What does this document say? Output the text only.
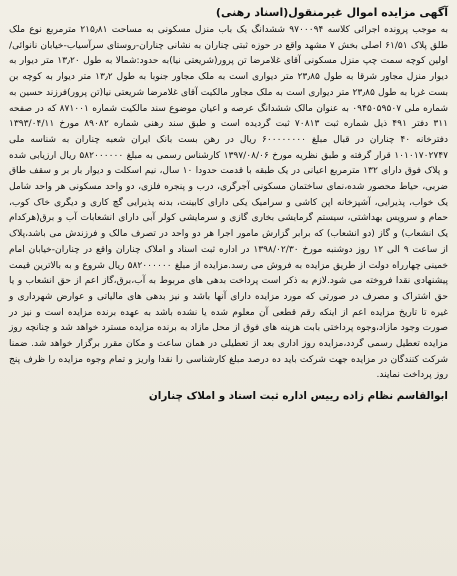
آگهی مزایده اموال غیرمنقول(اسناد رهنی)

به موجب پرونده اجرائی کلاسه ۹۷۰۰۰۹۴ ششدانگ یک باب منزل مسکونی به مساحت ۲۱۵٫۸۱ مترمربع نوع ملک طلق پلاک ۶۱/۵۱ اصلی بخش ۷ مشهد واقع در حوزه ثبتی چناران به نشانی چناران-روستای سرآسیاب-خیابان نانوائی/اولین کوچه سمت چپ منزل مسکونی آقای غلامرضا تن پرور(شریعتی نیا)به حدود:شمالا به طول ۱۳٫۲۰ متر دیوار به دیوار منزل مجاور شرقا به طول ۲۳٫۸۵ متر دیواری است به ملک مجاور جنوبا به طول ۱۳٫۲ متر دیوار به کوچه بن بست غربا به طول ۲۳٫۸۵ متر دیواری است به ملک مجاور مالکیت آقای غلامرضا شریعتی نیا(تن پرور)فرزند حسین به شماره ملی ۰۹۴۵۰۵۹۵۰۷ به عنوان مالک ششدانگ عرصه و اعیان موضوع سند مالکیت شماره ۸۷۱۰۰۱ که در صفحه ۳۱۱ دفتر ۴۹۱ ذیل شماره ثبت ۷۰۸۱۳ ثبت گردیده است و طبق سند رهنی شماره ۸۹۰۸۲ مورخ ۱۳۹۳/۰۴/۱۱ دفترخانه ۴۰ چناران در قبال مبلغ ۶۰۰۰۰۰۰۰۰ ریال در رهن بست بانک ایران شعبه چناران به شناسه ملی ۱۰۱۰۱۷۰۲۷۴۷ قرار گرفته و طبق نظریه مورخ ۱۳۹۷/۰۸/۰۶ کارشناس رسمی به مبلغ ۵۸۲۰۰۰۰۰۰ ریال ارزیابی شده و پلاک فوق دارای ۱۳۲ مترمربع اعیانی در یک طبقه با قدمت حدودا ۱۰ سال، نیم اسکلت و دیوار بار بر و سقف طاق ضربی، حیاط محصور شده،نمای ساختمان مسکونی آجرگری، درب و پنجره فلزی، دو واحد مسکونی هر واحد شامل یک خواب، پذیرایی، آشپزخانه اپن کاشی و سرامیک یکی دارای کابینت، بدنه پذیرایی گچ کاری و دیگری خاک کوب، حمام و سرویس بهداشتی، سیستم گرمایشی بخاری گازی و سرمایشی کولر آبی دارای انشعابات آب و برق(هرکدام یک انشعاب) و گاز (دو انشعاب) که برابر گزارش مامور اجرا هر دو واحد در تصرف مالک و فرزندش می باشد،پلاک از ساعت ۹ الی ۱۲ روز دوشنبه مورخ ۱۳۹۸/۰۲/۳۰ در اداره ثبت اسناد و املاک چناران واقع در چناران-خیابان امام خمینی چهارراه دولت از طریق مزایده به فروش می رسد.مزایده از مبلغ ۵۸۲۰۰۰۰۰۰ ریال شروع و به بالاترین قیمت پیشنهادی نقدا فروخته می شود.لازم به ذکر است پرداخت بدهی های مربوط به آب،برق،گاز اعم از حق انشعاب و یا حق اشتراک و مصرف در صورتی که مورد مزایده دارای آنها باشد و نیز بدهی های مالیاتی و عوارض شهرداری و غیره تا تاریخ مزایده اعم از اینکه رقم قطعی آن معلوم شده یا نشده باشد به عهده برنده مزایده است و نیز در صورت وجود مازاد،وجوه پرداختی بابت هزینه های فوق از محل مازاد به برنده مزایده مسترد خواهد شد و چنانچه روز مزایده تعطیل رسمی گردد،مزایده روز اداری بعد از تعطیلی در همان ساعت و مکان مقرر برگزار خواهد شد. ضمنا شرکت کنندگان در مزایده جهت شرکت باید ده درصد مبلغ کارشناسی را نقدا واریز و تمام وجوه مزایده را ظرف پنج روز پرداخت نمایند.

ابوالقاسم نظام زاده رییس اداره ثبت اسناد و املاک چناران
